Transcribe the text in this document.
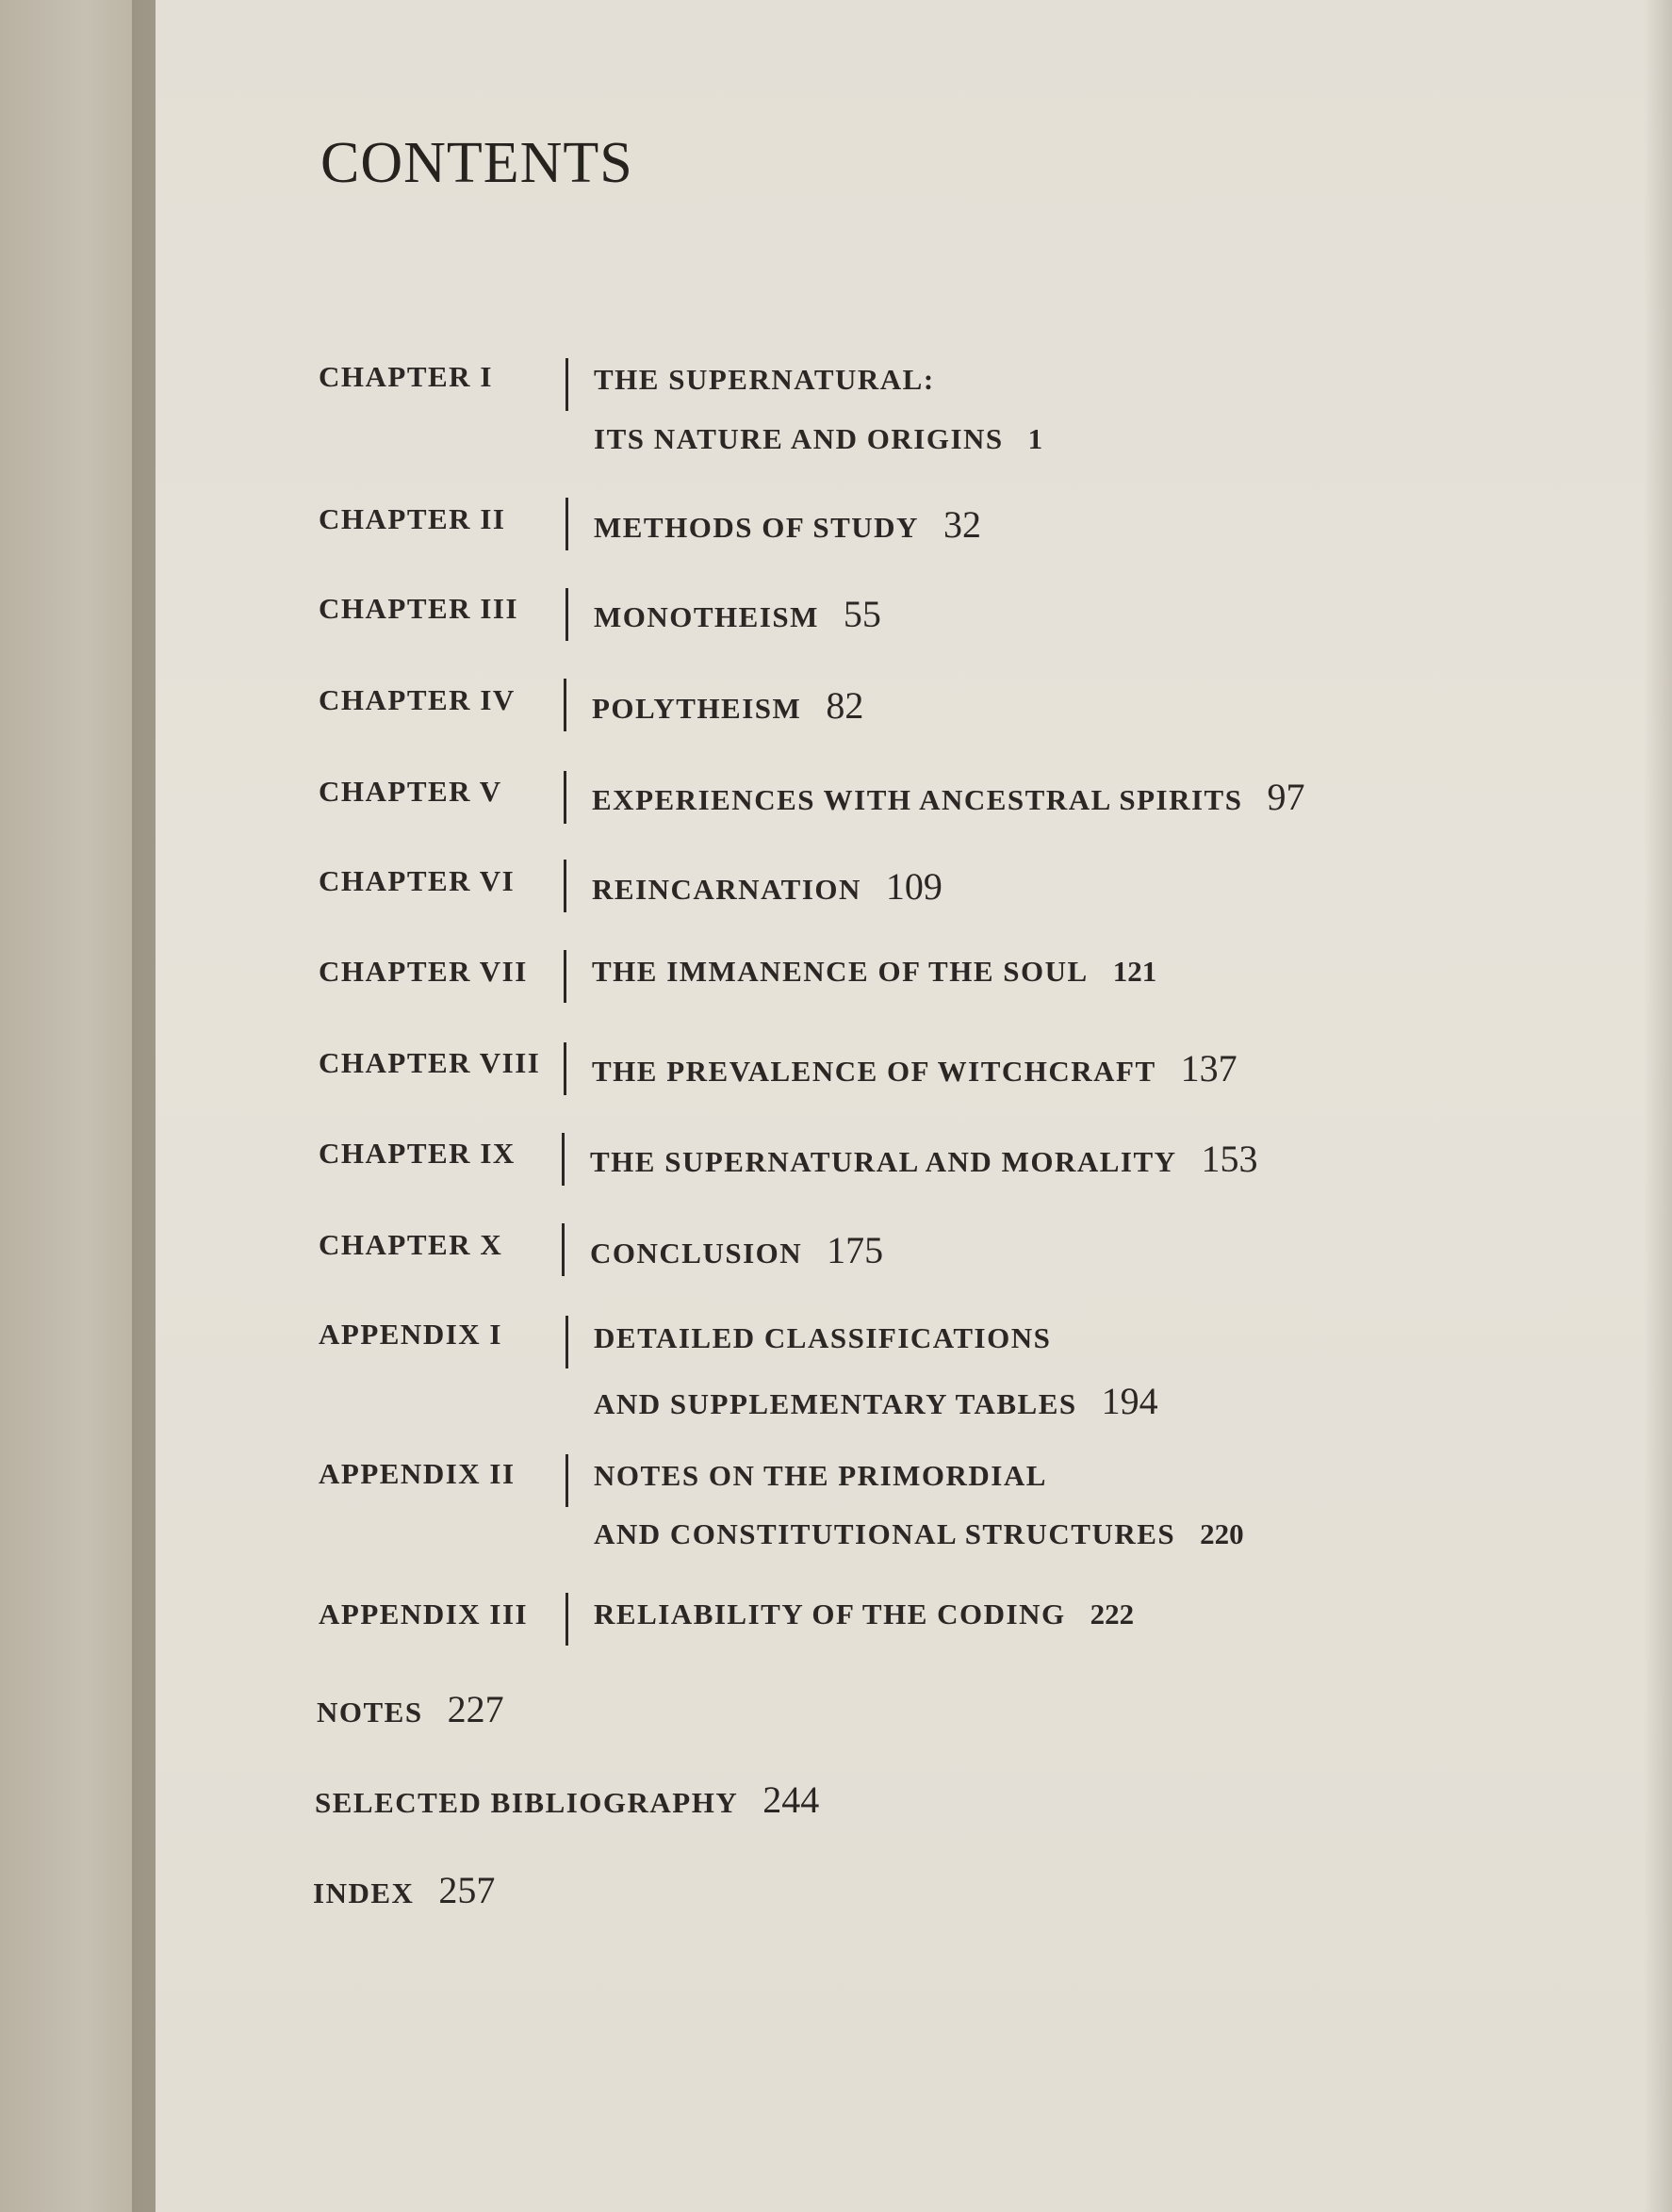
CONTENTS
CHAPTER I	THE SUPERNATURAL:
ITS NATURE AND ORIGINS 1
CHAPTER II	METHODS OF STUDY 32
CHAPTER III	MONOTHEISM 55
CHAPTER IV	POLYTHEISM 82
CHAPTER V	EXPERIENCES WITH ANCESTRAL SPIRITS 97
CHAPTER VI	REINCARNATION 109
CHAPTER VII THE IMMANENCE OF THE SOUL 121
CHAPTER VIII THE PREVALENCE OF WITCHCRAFT 137
CHAPTER IX	THE SUPERNATURAL AND MORALITY 153
CHAPTER X	CONCLUSION 175
APPENDIX I	DETAILED CLASSIFICATIONS
AND SUPPLEMENTARY TABLES 194
APPENDIX II	NOTES ON THE PRIMORDIAL
AND CONSTITUTIONAL STRUCTURES 220
APPENDIX III RELIABILITY OF THE CODING 222
NOTES 227
SELECTED BIBLIOGRAPHY 244
INDEX 257
